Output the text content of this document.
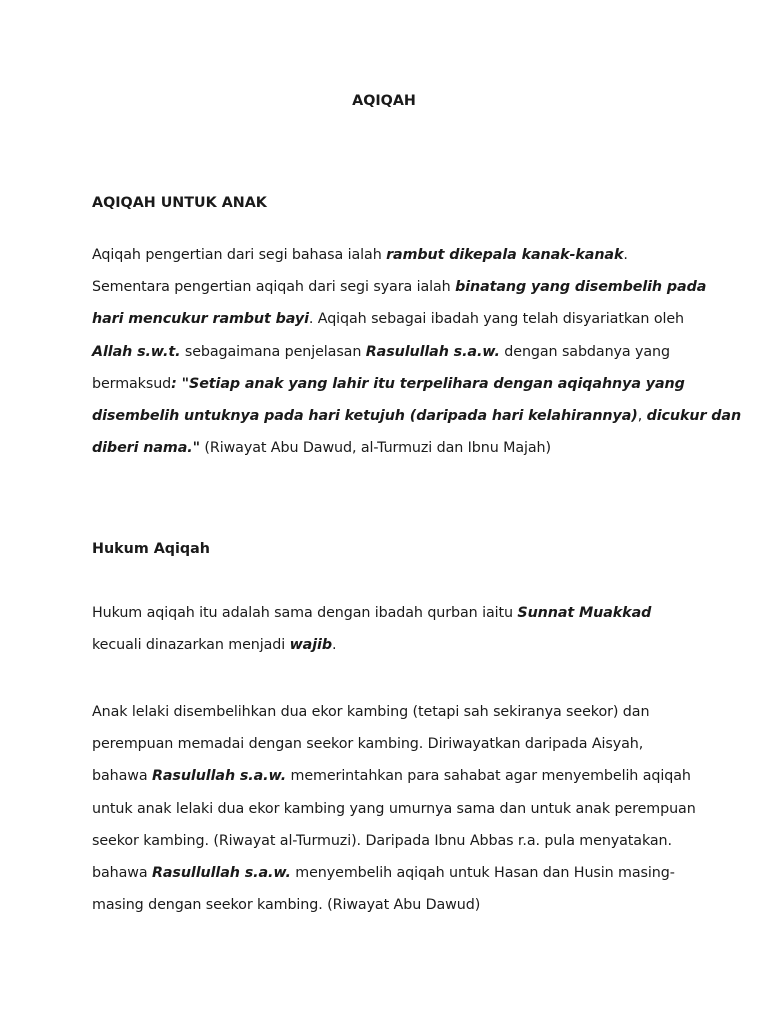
AQIQAH
AQIQAH UNTUK ANAK
Aqiqah pengertian dari segi bahasa ialah rambut dikepala kanak-kanak.
Sementara pengertian aqiqah dari segi syara ialah binatang yang disembelih pada
hari mencukur rambut bayi. Aqiqah sebagai ibadah yang telah disyariatkan oleh
Allah s.w.t. sebagaimana penjelasan Rasulullah s.a.w. dengan sabdanya yang
bermaksud: "Setiap anak yang lahir itu terpelihara dengan aqiqahnya yang
disembelih untuknya pada hari ketujuh (daripada hari kelahirannya), dicukur dan
diberi nama." (Riwayat Abu Dawud, al-Turmuzi dan Ibnu Majah)
Hukum Aqiqah
Hukum aqiqah itu adalah sama dengan ibadah qurban iaitu Sunnat Muakkad
kecuali dinazarkan menjadi wajib.
Anak lelaki disembelihkan dua ekor kambing (tetapi sah sekiranya seekor) dan
perempuan memadai dengan seekor kambing. Diriwayatkan daripada Aisyah,
bahawa Rasulullah s.a.w. memerintahkan para sahabat agar menyembelih aqiqah
untuk anak lelaki dua ekor kambing yang umurnya sama dan untuk anak perempuan
seekor kambing. (Riwayat al-Turmuzi). Daripada Ibnu Abbas r.a. pula menyatakan.
bahawa Rasullullah s.a.w. menyembelih aqiqah untuk Hasan dan Husin masing-
masing dengan seekor kambing. (Riwayat Abu Dawud)
